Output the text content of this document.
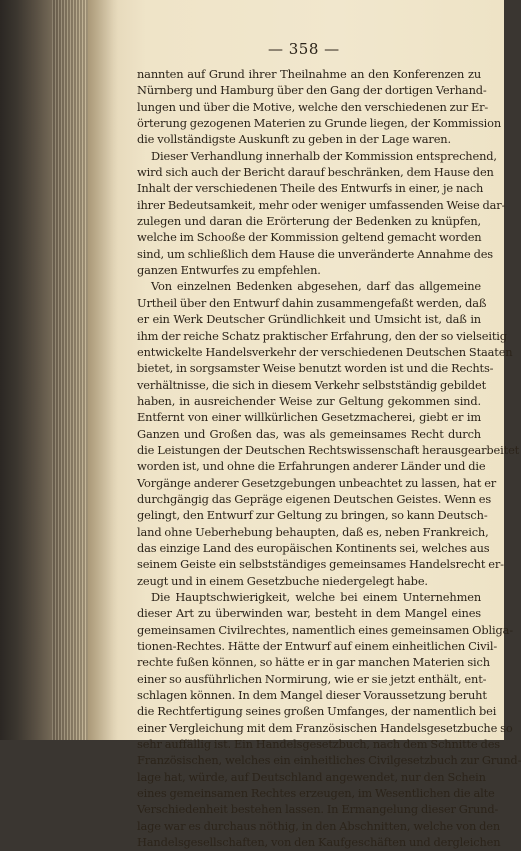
— 358 —
nannten auf Grund ihrer Theilnahme an den Konferenzen zu
Nürnberg und Hamburg über den Gang der dortigen Verhand-
lungen und über die Motive, welche den verschiedenen zur Er-
örterung gezogenen Materien zu Grunde liegen, der Kommission
die vollständigste Auskunft zu geben in der Lage waren.
Dieser Verhandlung innerhalb der Kommission entsprechend,
wird sich auch der Bericht darauf beschränken, dem Hause den
Inhalt der verschiedenen Theile des Entwurfs in einer, je nach
ihrer Bedeutsamkeit, mehr oder weniger umfassenden Weise dar-
zulegen und daran die Erörterung der Bedenken zu knüpfen,
welche im Schooße der Kommission geltend gemacht worden
sind, um schließlich dem Hause die unveränderte Annahme des
ganzen Entwurfes zu empfehlen.
Von einzelnen Bedenken abgesehen, darf das allgemeine
Urtheil über den Entwurf dahin zusammengefaßt werden, daß
er ein Werk Deutscher Gründlichkeit und Umsicht ist, daß in
ihm der reiche Schatz praktischer Erfahrung, den der so vielseitig
entwickelte Handelsverkehr der verschiedenen Deutschen Staaten
bietet, in sorgsamster Weise benutzt worden ist und die Rechts-
verhältnisse, die sich in diesem Verkehr selbstständig gebildet
haben, in ausreichender Weise zur Geltung gekommen sind.
Entfernt von einer willkürlichen Gesetzmacherei, giebt er im
Ganzen und Großen das, was als gemeinsames Recht durch
die Leistungen der Deutschen Rechtswissenschaft herausgearbeitet
worden ist, und ohne die Erfahrungen anderer Länder und die
Vorgänge anderer Gesetzgebungen unbeachtet zu lassen, hat er
durchgängig das Gepräge eigenen Deutschen Geistes. Wenn es
gelingt, den Entwurf zur Geltung zu bringen, so kann Deutsch-
land ohne Ueberhebung behaupten, daß es, neben Frankreich,
das einzige Land des europäischen Kontinents sei, welches aus
seinem Geiste ein selbstständiges gemeinsames Handelsrecht er-
zeugt und in einem Gesetzbuche niedergelegt habe.
Die Hauptschwierigkeit, welche bei einem Unternehmen
dieser Art zu überwinden war, besteht in dem Mangel eines
gemeinsamen Civilrechtes, namentlich eines gemeinsamen Obliga-
tionen-Rechtes. Hätte der Entwurf auf einem einheitlichen Civil-
rechte fußen können, so hätte er in gar manchen Materien sich
einer so ausführlichen Normirung, wie er sie jetzt enthält, ent-
schlagen können. In dem Mangel dieser Voraussetzung beruht
die Rechtfertigung seines großen Umfanges, der namentlich bei
einer Vergleichung mit dem Französischen Handelsgesetzbuche so
sehr auffällig ist. Ein Handelsgesetzbuch, nach dem Schnitte des
Französischen, welches ein einheitliches Civilgesetzbuch zur Grund-
lage hat, würde, auf Deutschland angewendet, nur den Schein
eines gemeinsamen Rechtes erzeugen, im Wesentlichen die alte
Verschiedenheit bestehen lassen. In Ermangelung dieser Grund-
lage war es durchaus nöthig, in den Abschnitten, welche von den
Handelsgesellschaften, von den Kaufgeschäften und dergleichen
